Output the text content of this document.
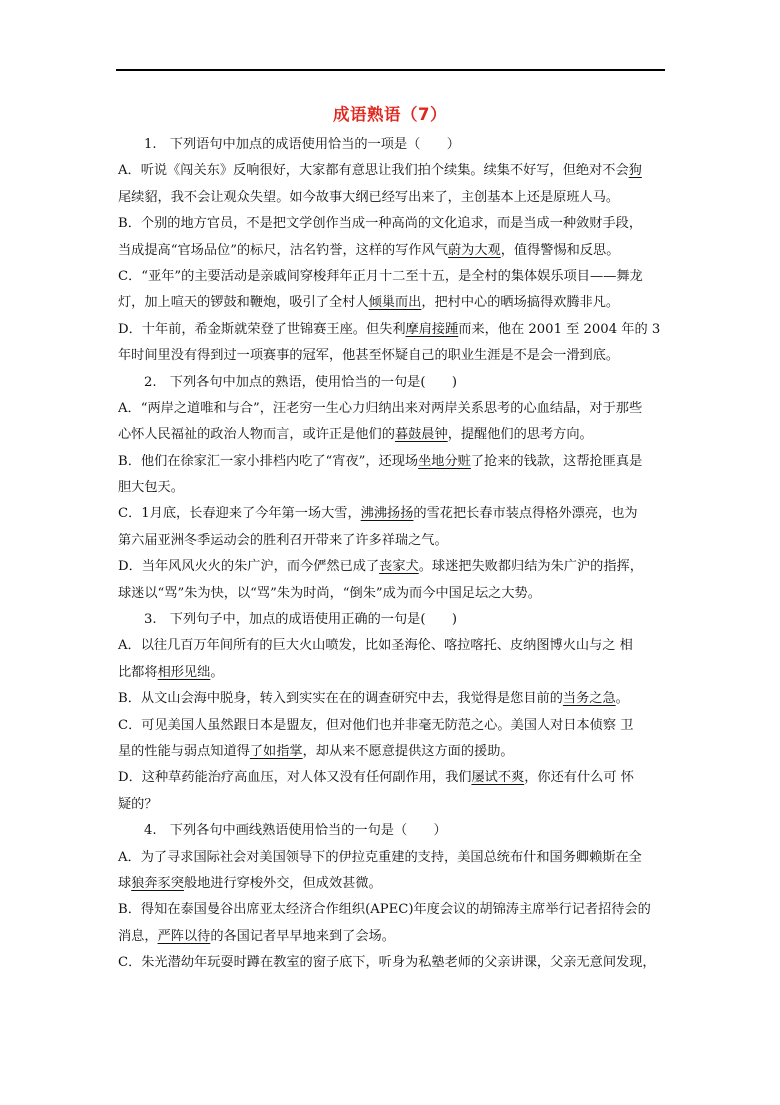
成语熟语（7）
1.　下列语句中加点的成语使用恰当的一项是（　　）
A．听说《闯关东》反响很好，大家都有意思让我们拍个续集。续集不好写，但绝对不会狗
尾续貂，我不会让观众失望。如今故事大纲已经写出来了，主创基本上还是原班人马。
B．个别的地方官员，不是把文学创作当成一种高尚的文化追求，而是当成一种敛财手段，
当成提高“官场品位”的标尺，沽名钓誉，这样的写作风气蔚为大观，值得警惕和反思。
C．“亚年”的主要活动是亲戚间穿梭拜年正月十二至十五，是全村的集体娱乐项目——舞龙
灯，加上喧天的锣鼓和鞭炮，吸引了全村人倾巢而出，把村中心的晒场搞得欢腾非凡。
D．十年前，希金斯就荣登了世锦赛王座。但失利摩肩接踵而来，他在 2001 至 2004 年的 3
年时间里没有得到过一项赛事的冠军，他甚至怀疑自己的职业生涯是不是会一滑到底。
2.　下列各句中加点的熟语，使用恰当的一句是(　　)
A．“两岸之道唯和与合”，汪老穷一生心力归纳出来对两岸关系思考的心血结晶，对于那些
心怀人民福祉的政治人物而言，或许正是他们的暮鼓晨钟，提醒他们的思考方向。
B．他们在徐家汇一家小排档内吃了“宵夜”，还现场坐地分赃了抢来的钱款，这帮抢匪真是
胆大包天。
C．1月底，长春迎来了今年第一场大雪，沸沸扬扬的雪花把长春市装点得格外漂亮，也为
第六届亚洲冬季运动会的胜利召开带来了许多祥瑞之气。
D．当年风风火火的朱广沪，而今俨然已成了丧家犬。球迷把失败都归结为朱广沪的指挥，
球迷以“骂”朱为快，以“骂”朱为时尚，“倒朱”成为而今中国足坛之大势。
3.　下列句子中，加点的成语使用正确的一句是(　　)
A．以往几百万年间所有的巨大火山喷发，比如圣海伦、喀拉喀托、皮纳图博火山与之 相
比都将相形见绌。
B．从文山会海中脱身，转入到实实在在的调查研究中去，我觉得是您目前的当务之急。
C．可见美国人虽然跟日本是盟友，但对他们也并非毫无防范之心。美国人对日本侦察 卫
星的性能与弱点知道得了如指掌，却从来不愿意提供这方面的援助。
D．这种草药能治疗高血压，对人体又没有任何副作用，我们屡试不爽，你还有什么可 怀
疑的？
4.　下列各句中画线熟语使用恰当的一句是（　　）
A．为了寻求国际社会对美国领导下的伊拉克重建的支持，美国总统布什和国务卿赖斯在全
球狼奔豕突般地进行穿梭外交，但成效甚微。
B．得知在泰国曼谷出席亚太经济合作组织(APEC)年度会议的胡锦涛主席举行记者招待会的
消息，严阵以待的各国记者早早地来到了会场。
C．朱光潜幼年玩耍时蹲在教室的窗子底下，听身为私塾老师的父亲讲课，父亲无意间发现，
